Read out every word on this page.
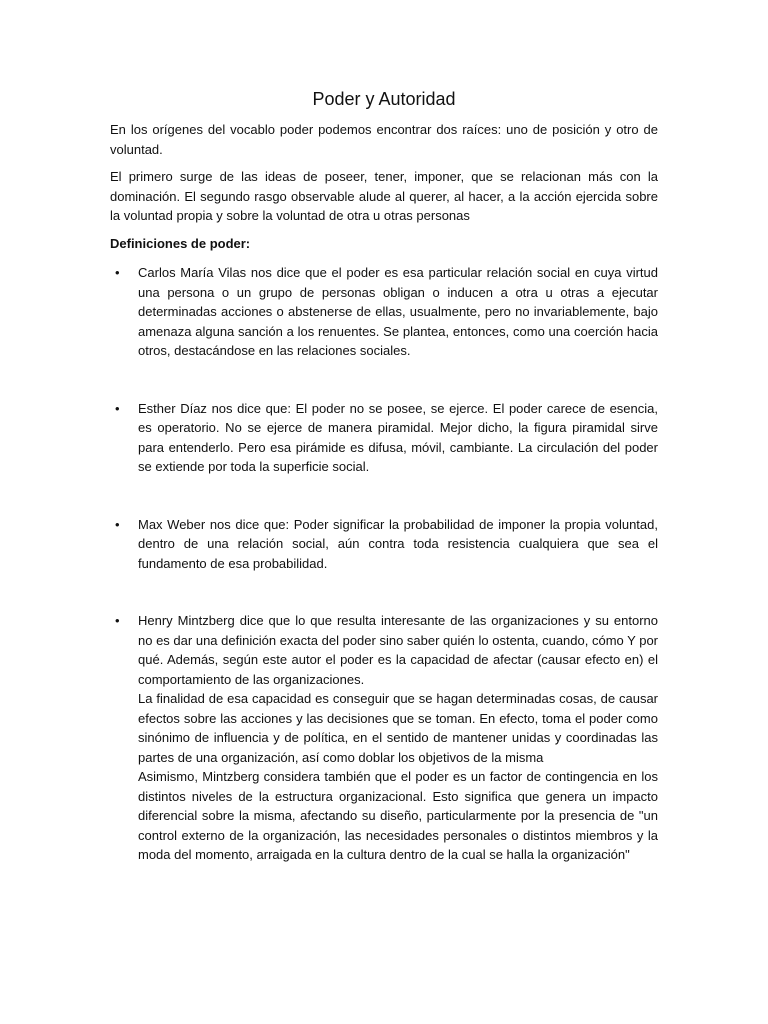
Poder y Autoridad

En los orígenes del vocablo poder podemos encontrar dos raíces: uno de posición y otro de voluntad.

El primero surge de las ideas de poseer, tener, imponer, que se relacionan más con la dominación. El segundo rasgo observable alude al querer, al hacer, a la acción ejercida sobre la voluntad propia y sobre la voluntad de otra u otras personas

Definiciones de poder:

• Carlos María Vilas nos dice que el poder es esa particular relación social en cuya virtud una persona o un grupo de personas obligan o inducen a otra u otras a ejecutar determinadas acciones o abstenerse de ellas, usualmente, pero no invariablemente, bajo amenaza alguna sanción a los renuentes. Se plantea, entonces, como una coerción hacia otros, destacándose en las relaciones sociales.

• Esther Díaz nos dice que: El poder no se posee, se ejerce. El poder carece de esencia, es operatorio. No se ejerce de manera piramidal. Mejor dicho, la figura piramidal sirve para entenderlo. Pero esa pirámide es difusa, móvil, cambiante. La circulación del poder se extiende por toda la superficie social.

• Max Weber nos dice que: Poder significar la probabilidad de imponer la propia voluntad, dentro de una relación social, aún contra toda resistencia cualquiera que sea el fundamento de esa probabilidad.

• Henry Mintzberg dice que lo que resulta interesante de las organizaciones y su entorno no es dar una definición exacta del poder sino saber quién lo ostenta, cuando, cómo Y por qué. Además, según este autor el poder es la capacidad de afectar (causar efecto en) el comportamiento de las organizaciones.

La finalidad de esa capacidad es conseguir que se hagan determinadas cosas, de causar efectos sobre las acciones y las decisiones que se toman. En efecto, toma el poder como sinónimo de influencia y de política, en el sentido de mantener unidas y coordinadas las partes de una organización, así como doblar los objetivos de la misma

Asimismo, Mintzberg considera también que el poder es un factor de contingencia en los distintos niveles de la estructura organizacional. Esto significa que genera un impacto diferencial sobre la misma, afectando su diseño, particularmente por la presencia de "un control externo de la organización, las necesidades personales o distintos miembros y la moda del momento, arraigada en la cultura dentro de la cual se halla la organización"
